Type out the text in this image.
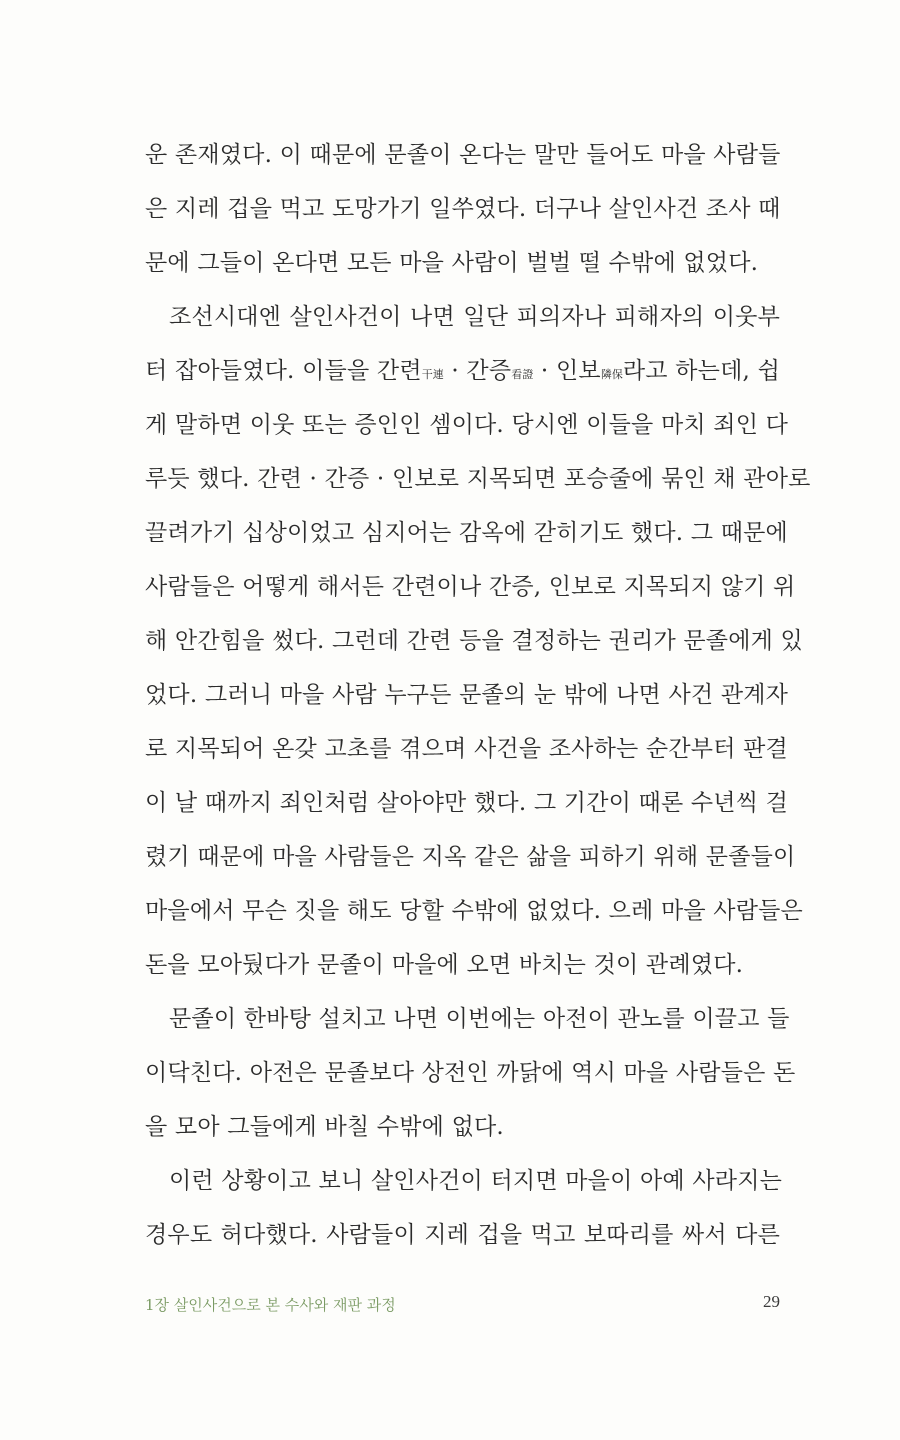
운 존재였다. 이 때문에 문졸이 온다는 말만 들어도 마을 사람들
은 지레 겁을 먹고 도망가기 일쑤였다. 더구나 살인사건 조사 때
문에 그들이 온다면 모든 마을 사람이 벌벌 떨 수밖에 없었다.
조선시대엔 살인사건이 나면 일단 피의자나 피해자의 이웃부
터 잡아들였다. 이들을 간련干連 · 간증看證 · 인보隣保라고 하는데, 쉽
게 말하면 이웃 또는 증인인 셈이다. 당시엔 이들을 마치 죄인 다
루듯 했다. 간련 · 간증 · 인보로 지목되면 포승줄에 묶인 채 관아로
끌려가기 십상이었고 심지어는 감옥에 갇히기도 했다. 그 때문에
사람들은 어떻게 해서든 간련이나 간증, 인보로 지목되지 않기 위
해 안간힘을 썼다. 그런데 간련 등을 결정하는 권리가 문졸에게 있
었다. 그러니 마을 사람 누구든 문졸의 눈 밖에 나면 사건 관계자
로 지목되어 온갖 고초를 겪으며 사건을 조사하는 순간부터 판결
이 날 때까지 죄인처럼 살아야만 했다. 그 기간이 때론 수년씩 걸
렸기 때문에 마을 사람들은 지옥 같은 삶을 피하기 위해 문졸들이
마을에서 무슨 짓을 해도 당할 수밖에 없었다. 으레 마을 사람들은
돈을 모아뒀다가 문졸이 마을에 오면 바치는 것이 관례였다.
문졸이 한바탕 설치고 나면 이번에는 아전이 관노를 이끌고 들
이닥친다. 아전은 문졸보다 상전인 까닭에 역시 마을 사람들은 돈
을 모아 그들에게 바칠 수밖에 없다.
이런 상황이고 보니 살인사건이 터지면 마을이 아예 사라지는
경우도 허다했다. 사람들이 지레 겁을 먹고 보따리를 싸서 다른
1장 살인사건으로 본 수사와 재판 과정	29
